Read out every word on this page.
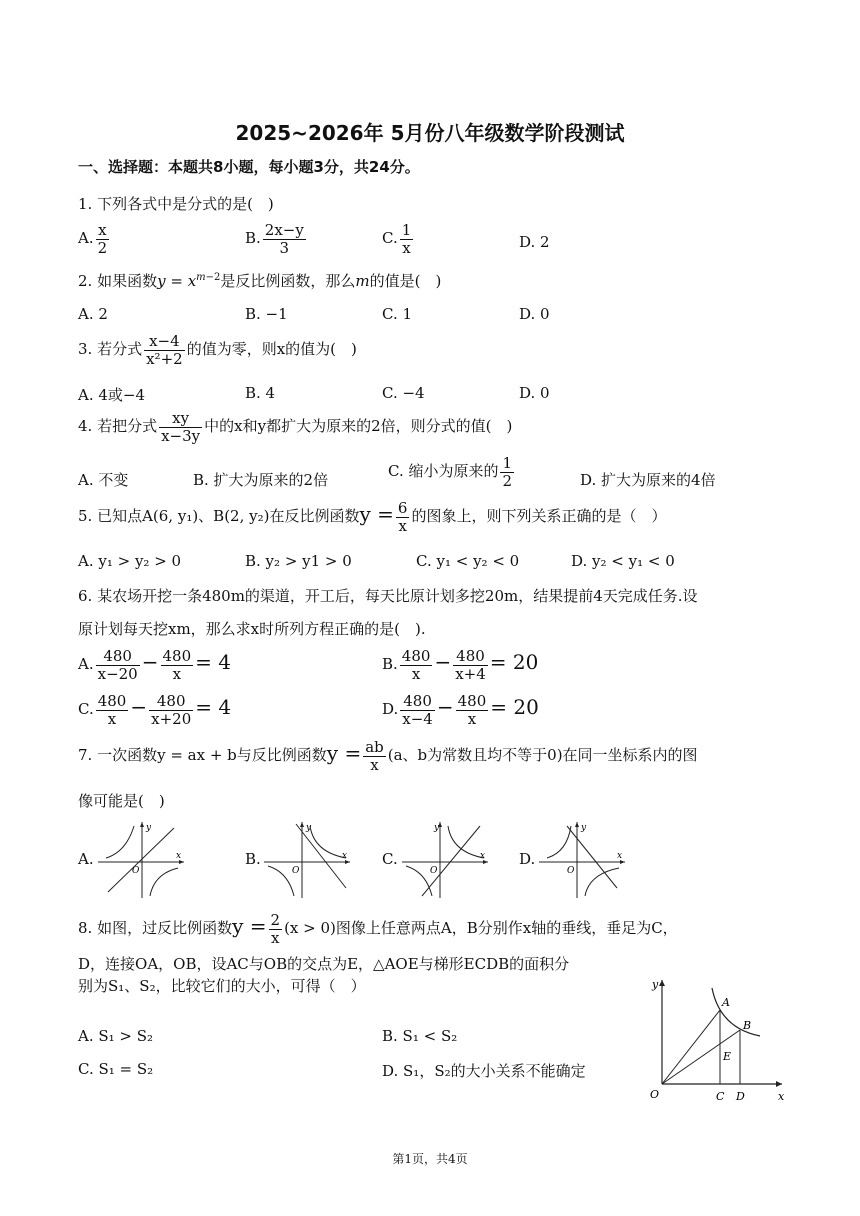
2025~2026年 5月份八年级数学阶段测试
一、选择题：本题共8小题，每小题3分，共24分。
1. 下列各式中是分式的是(　)
A. $\frac{x}{2}$	B. $\frac{2x-y}{3}$	C. $\frac{1}{x}$	D. 2
2. 如果函数$y = x^{m-2}$是反比例函数，那么m的值是(　)
A. 2	B. −1	C. 1	D. 0
3. 若分式 $\frac{x-4}{\text{x²+2}}$ 的值为零，则x的值为(　)
A. 4或−4	B. 4	C. −4	D. 0
4. 若把分式 $\frac{xy}{x-3y}$ 中的x和y都扩大为原来的2倍，则分式的值(　)
A. 不变	B. 扩大为原来的2倍	C. 缩小为原来的 $\frac{1}{2}$	D. 扩大为原来的4倍
5. 已知点A(6, y₁)、B(2, y₂)在反比例函数$y = \frac{6}{x}$ 的图象上，则下列关系正确的是（　）
A. y₁ > y₂ > 0	B. y₂ > y1 > 0	C. y₁ < y₂ < 0	D. y₂ < y₁ < 0
6. 某农场开挖一条480m的渠道，开工后，每天比原计划多挖20m，结果提前4天完成任务.设
原计划每天挖xm，那么求x时所列方程正确的是(　).
A. $\frac{480}{x-20} - \frac{480}{x} = 4$	B. $\frac{480}{x} - \frac{480}{x+4} = 20$
C. $\frac{480}{x} - \frac{480}{x+20} = 4$	D. $\frac{480}{x-4} - \frac{480}{x} = 20$
7. 一次函数y = ax + b与反比例函数$y = \frac{ab}{x} (a$、b为常数且均不等于0)在同一坐标系内的图
像可能是(　)
A.	B.	C.	D.
x
y
O
x
y
O
x
y
O
x
y
O
8. 如图，过反比例函数$y = \frac{2}{x} (x > 0)$图像上任意两点A，B分别作x轴的垂线，垂足为C，
D，连接OA，OB，设AC与OB的交点为E，△AOE与梯形ECDB的面积分
别为S₁、S₂，比较它们的大小，可得（　）
A. S₁ > S₂	B. S₁ < S₂
C. S₁ = S₂	D. S₁，S₂的大小关系不能确定
y
x
O
A
B
E
C D
第1页，共4页
